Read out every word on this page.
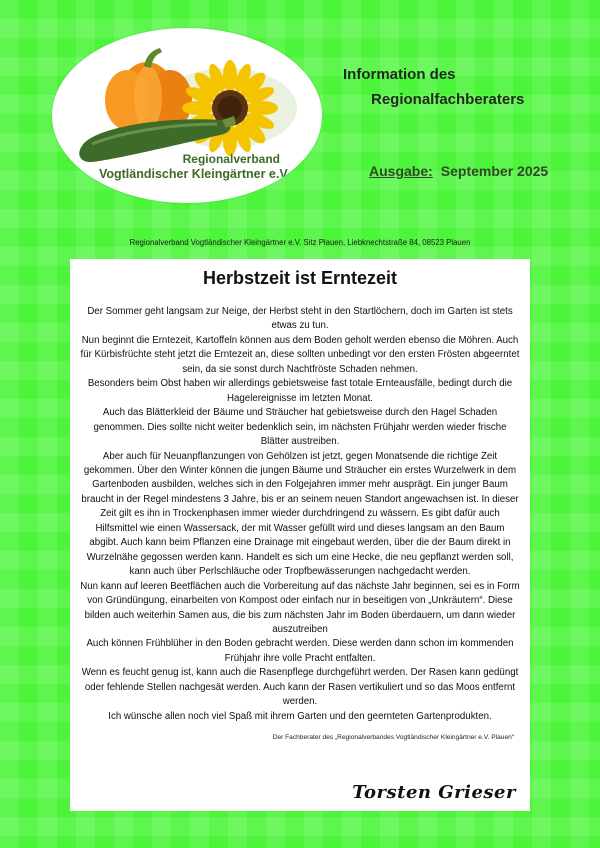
Regionalverband
Vogtländischer Kleingärtner e.V.
Information des
Regionalfachberaters
Ausgabe: September 2025
Regionalverband Vogtländischer Kleingärtner e.V. Sitz Plauen, Liebknechtstraße 84, 08523 Plauen
Herbstzeit ist Erntezeit

Der Sommer geht langsam zur Neige, der Herbst steht in den Startlöchern, doch im Garten ist stets etwas zu tun.

Nun beginnt die Erntezeit, Kartoffeln können aus dem Boden geholt werden ebenso die Möhren. Auch für Kürbisfrüchte steht jetzt die Erntezeit an, diese sollten unbedingt vor den ersten Frösten abgeerntet sein, da sie sonst durch Nachtfröste Schaden nehmen.

Besonders beim Obst haben wir allerdings gebietsweise fast totale Ernteausfälle, bedingt durch die Hagelereignisse im letzten Monat.

Auch das Blätterkleid der Bäume und Sträucher hat gebietsweise durch den Hagel Schaden genommen. Dies sollte nicht weiter bedenklich sein, im nächsten Frühjahr werden wieder frische Blätter austreiben.

Aber auch für Neuanpflanzungen von Gehölzen ist jetzt, gegen Monatsende die richtige Zeit gekommen. Über den Winter können die jungen Bäume und Sträucher ein erstes Wurzelwerk in dem Gartenboden ausbilden, welches sich in den Folgejahren immer mehr ausprägt. Ein junger Baum braucht in der Regel mindestens 3 Jahre, bis er an seinem neuen Standort angewachsen ist. In dieser Zeit gilt es ihn in Trockenphasen immer wieder durchdringend zu wässern. Es gibt dafür auch Hilfsmittel wie einen Wassersack, der mit Wasser gefüllt wird und dieses langsam an den Baum abgibt. Auch kann beim Pflanzen eine Drainage mit eingebaut werden, über die der Baum direkt in Wurzelnähe gegossen werden kann. Handelt es sich um eine Hecke, die neu gepflanzt werden soll, kann auch über Perlschläuche oder Tropfbewässerungen nachgedacht werden.

Nun kann auf leeren Beetflächen auch die Vorbereitung auf das nächste Jahr beginnen, sei es in Form von Gründüngung, einarbeiten von Kompost oder einfach nur in beseitigen von „Unkräutern“. Diese bilden auch weiterhin Samen aus, die bis zum nächsten Jahr im Boden überdauern, um dann wieder auszutreiben

Auch können Frühblüher in den Boden gebracht werden. Diese werden dann schon im kommenden Frühjahr ihre volle Pracht entfalten.

Wenn es feucht genug ist, kann auch die Rasenpflege durchgeführt werden. Der Rasen kann gedüngt oder fehlende Stellen nachgesät werden. Auch kann der Rasen vertikuliert und so das Moos entfernt werden.

Ich wünsche allen noch viel Spaß mit ihrem Garten und den geernteten Gartenprodukten.

Der Fachberater des „Regionalverbandes Vogtländischer Kleingärtner e.V. Plauen“
Torsten Grieser
